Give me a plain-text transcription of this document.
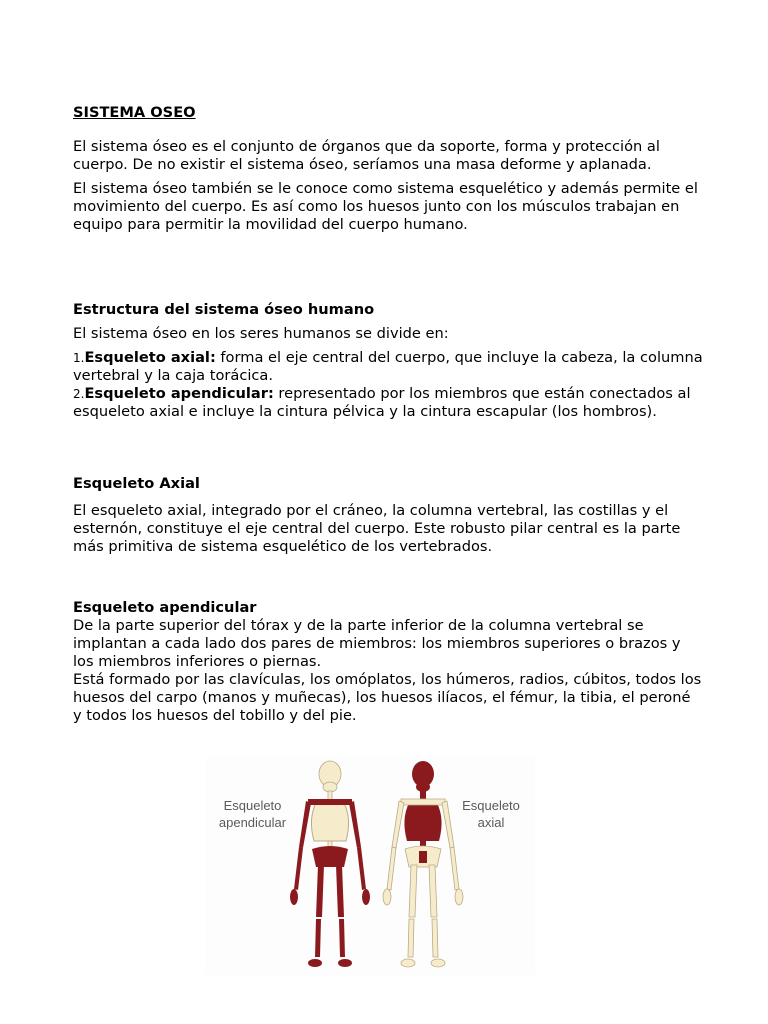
SISTEMA OSEO

El sistema óseo es el conjunto de órganos que da soporte, forma y protección al cuerpo. De no existir el sistema óseo, seríamos una masa deforme y aplanada.

El sistema óseo también se le conoce como sistema esquelético y además permite el movimiento del cuerpo. Es así como los huesos junto con los músculos trabajan en equipo para permitir la movilidad del cuerpo humano.

Estructura del sistema óseo humano

El sistema óseo en los seres humanos se divide en:

1.Esqueleto axial: forma el eje central del cuerpo, que incluye la cabeza, la columna vertebral y la caja torácica.

2.Esqueleto apendicular: representado por los miembros que están conectados al esqueleto axial e incluye la cintura pélvica y la cintura escapular (los hombros).

Esqueleto Axial

El esqueleto axial, integrado por el cráneo, la columna vertebral, las costillas y el esternón, constituye el eje central del cuerpo. Este robusto pilar central es la parte más primitiva de sistema esquelético de los vertebrados.

Esqueleto apendicular

De la parte superior del tórax y de la parte inferior de la columna vertebral se implantan a cada lado dos pares de miembros: los miembros superiores o brazos y los miembros inferiores o piernas.

Está formado por las clavículas, los omóplatos, los húmeros, radios, cúbitos, todos los huesos del carpo (manos y muñecas), los huesos ilíacos, el fémur, la tibia, el peroné y todos los huesos del tobillo y del pie.

Esqueleto
apendicular
Esqueleto
axial
